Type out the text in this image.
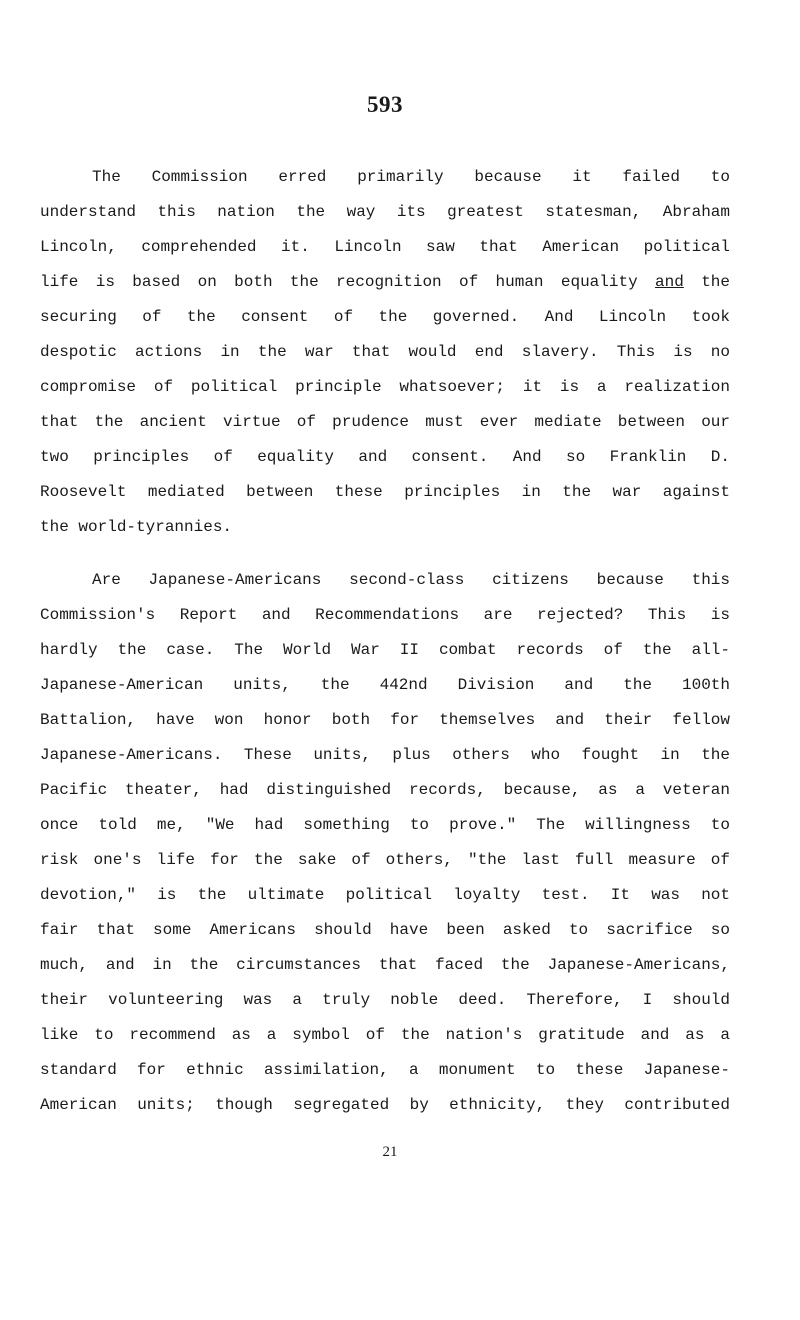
593
The Commission erred primarily because it failed to
understand this nation the way its greatest statesman, Abraham
Lincoln, comprehended it. Lincoln saw that American political
life is based on both the recognition of human equality and the
securing of the consent of the governed. And Lincoln took
despotic actions in the war that would end slavery. This is no
compromise of political principle whatsoever; it is a realization
that the ancient virtue of prudence must ever mediate between our
two principles of equality and consent. And so Franklin D.
Roosevelt mediated between these principles in the war against
the world-tyrannies.
Are Japanese-Americans second-class citizens because this
Commission's Report and Recommendations are rejected? This is
hardly the case. The World War II combat records of the all-
Japanese-American units, the 442nd Division and the 100th
Battalion, have won honor both for themselves and their fellow
Japanese-Americans. These units, plus others who fought in the
Pacific theater, had distinguished records, because, as a veteran
once told me, "We had something to prove." The willingness to
risk one's life for the sake of others, "the last full measure of
devotion," is the ultimate political loyalty test. It was not
fair that some Americans should have been asked to sacrifice so
much, and in the circumstances that faced the Japanese-Americans,
their volunteering was a truly noble deed. Therefore, I should
like to recommend as a symbol of the nation's gratitude and as a
standard for ethnic assimilation, a monument to these Japanese-
American units; though segregated by ethnicity, they contributed
21
